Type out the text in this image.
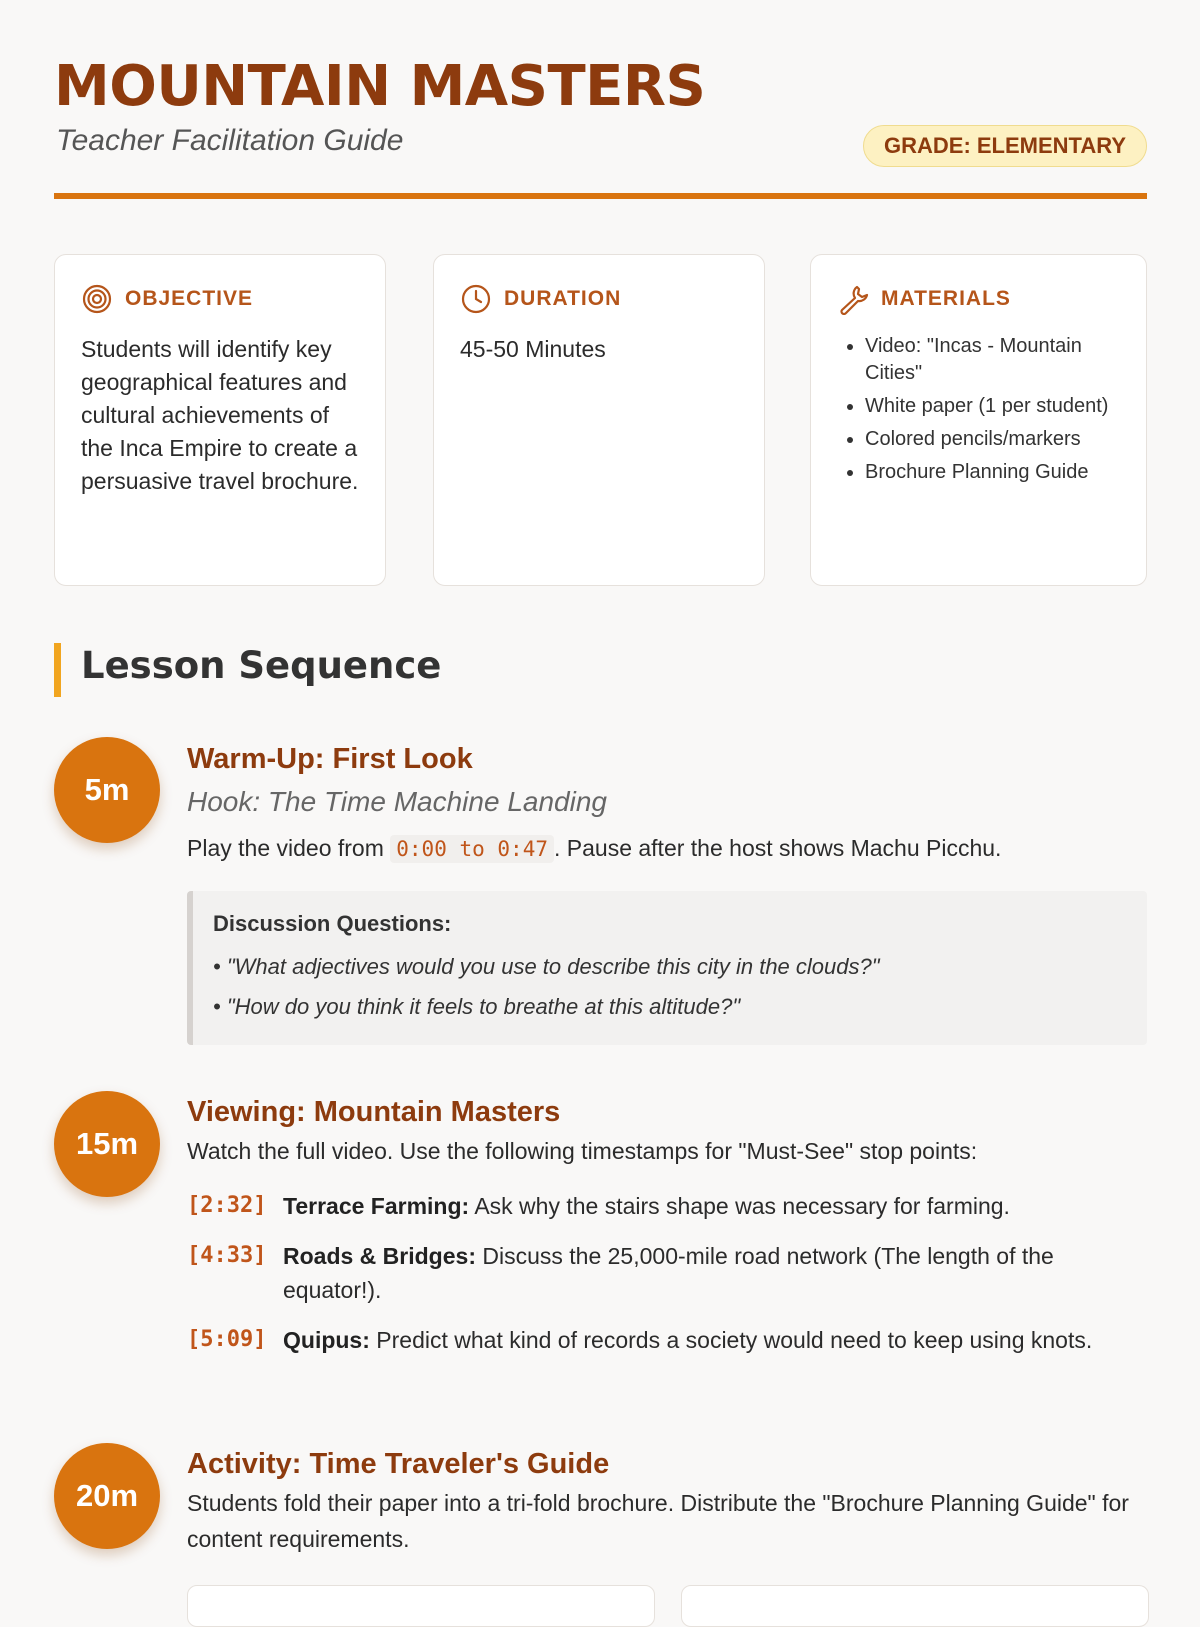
MOUNTAIN MASTERS
Teacher Facilitation Guide	GRADE: ELEMENTARY
OBJECTIVE
Students will identify key geographical features and cultural achievements of the Inca Empire to create a persuasive travel brochure.
DURATION
45-50 Minutes
MATERIALS
• Video: "Incas - Mountain Cities"
• White paper (1 per student)
• Colored pencils/markers
• Brochure Planning Guide
Lesson Sequence
5m
Warm-Up: First Look
Hook: The Time Machine Landing
Play the video from 0:00 to 0:47 . Pause after the host shows Machu Picchu.
Discussion Questions:
• "What adjectives would you use to describe this city in the clouds?"
• "How do you think it feels to breathe at this altitude?"
15m
Viewing: Mountain Masters
Watch the full video. Use the following timestamps for "Must-See" stop points:
[2:32] Terrace Farming: Ask why the stairs shape was necessary for farming.
[4:33] Roads & Bridges: Discuss the 25,000-mile road network (The length of the equator!).
[5:09] Quipus: Predict what kind of records a society would need to keep using knots.
20m
Activity: Time Traveler's Guide
Students fold their paper into a tri-fold brochure. Distribute the "Brochure Planning Guide" for content requirements.
